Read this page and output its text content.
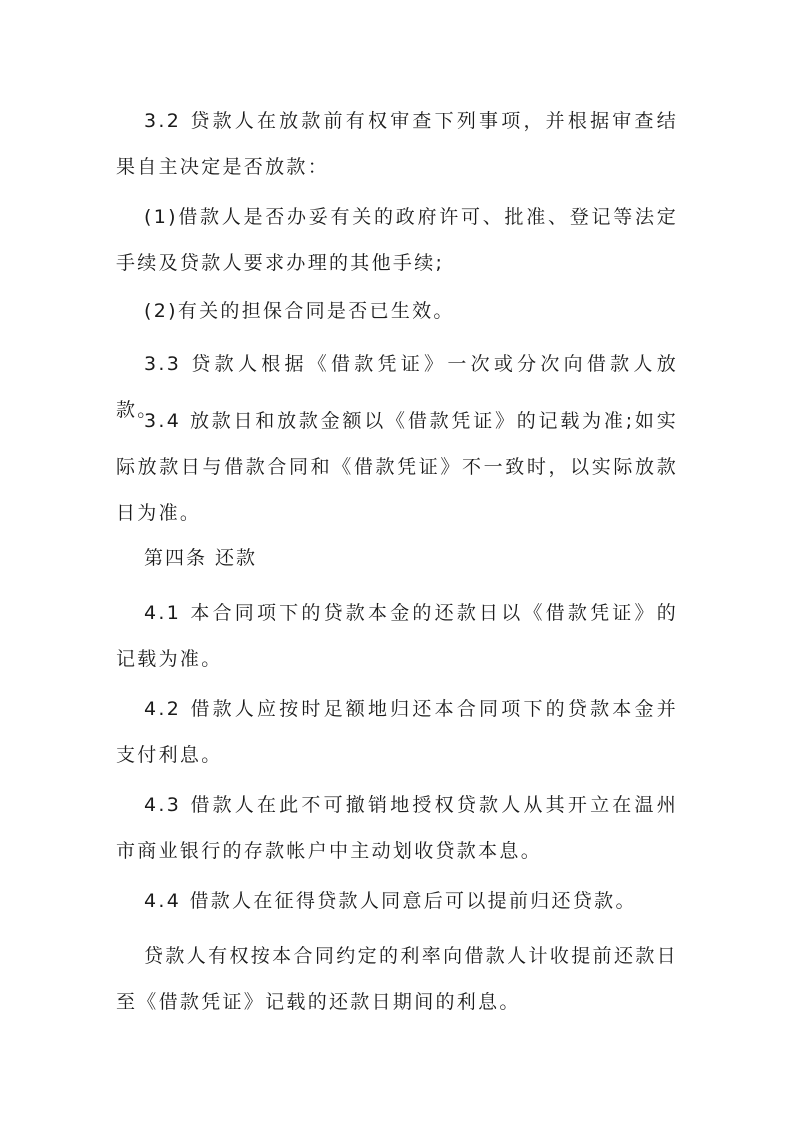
3.2 贷款人在放款前有权审查下列事项，并根据审查结果自主决定是否放款：

(1)借款人是否办妥有关的政府许可、批准、登记等法定手续及贷款人要求办理的其他手续;

(2)有关的担保合同是否已生效。

3.3 贷款人根据《借款凭证》一次或分次向借款人放款。

3.4 放款日和放款金额以《借款凭证》的记载为准;如实际放款日与借款合同和《借款凭证》不一致时，以实际放款日为准。

第四条 还款

4.1 本合同项下的贷款本金的还款日以《借款凭证》的记载为准。

4.2 借款人应按时足额地归还本合同项下的贷款本金并支付利息。

4.3 借款人在此不可撤销地授权贷款人从其开立在温州市商业银行的存款帐户中主动划收贷款本息。

4.4 借款人在征得贷款人同意后可以提前归还贷款。

贷款人有权按本合同约定的利率向借款人计收提前还款日至《借款凭证》记载的还款日期间的利息。
